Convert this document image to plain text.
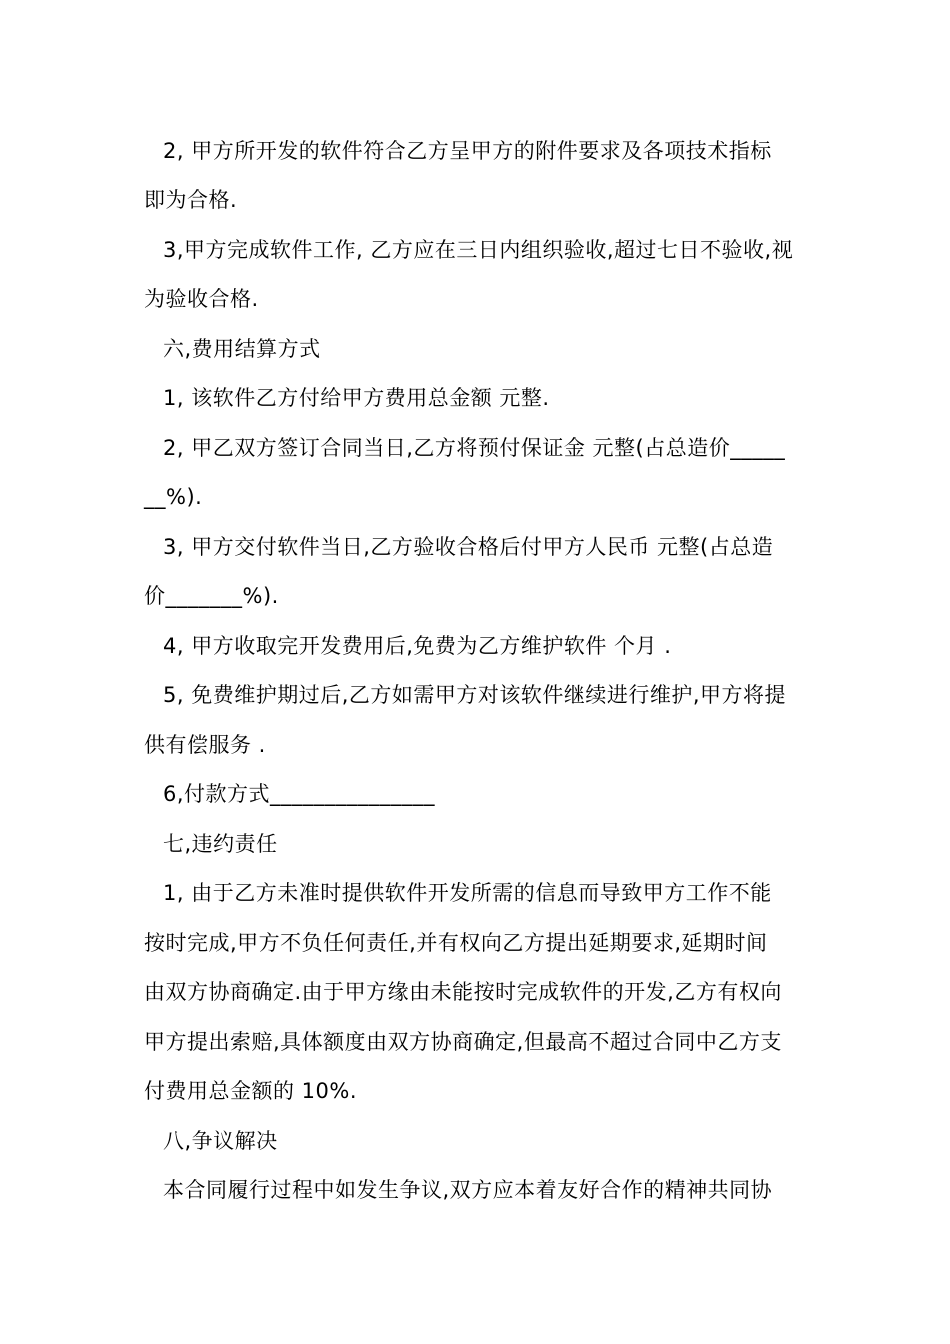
2, 甲方所开发的软件符合乙方呈甲方的附件要求及各项技术指标
即为合格.
3,甲方完成软件工作, 乙方应在三日内组织验收,超过七日不验收,视
为验收合格.
六,费用结算方式
1, 该软件乙方付给甲方费用总金额 元整.
2, 甲乙双方签订合同当日,乙方将预付保证金 元整(占总造价_____
__%).
3, 甲方交付软件当日,乙方验收合格后付甲方人民币 元整(占总造
价_______%).
4, 甲方收取完开发费用后,免费为乙方维护软件 个月 .
5, 免费维护期过后,乙方如需甲方对该软件继续进行维护,甲方将提
供有偿服务 .
6,付款方式_______________
七,违约责任
1, 由于乙方未准时提供软件开发所需的信息而导致甲方工作不能
按时完成,甲方不负任何责任,并有权向乙方提出延期要求,延期时间
由双方协商确定.由于甲方缘由未能按时完成软件的开发,乙方有权向
甲方提出索赔,具体额度由双方协商确定,但最高不超过合同中乙方支
付费用总金额的 10%.
八,争议解决
本合同履行过程中如发生争议,双方应本着友好合作的精神共同协
